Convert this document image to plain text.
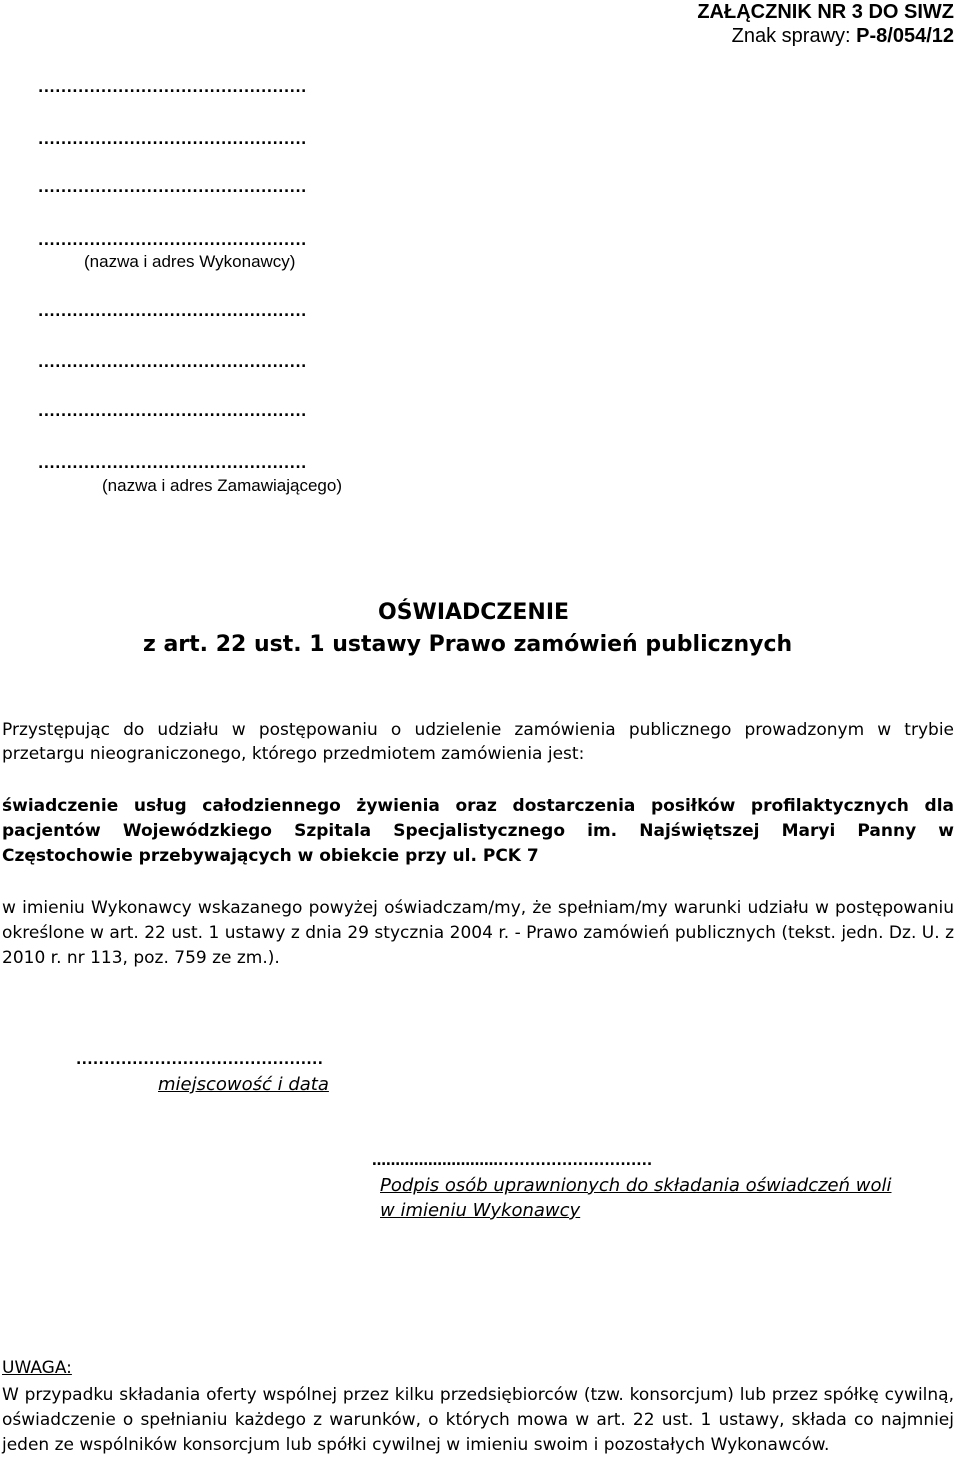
ZAŁĄCZNIK NR 3 DO SIWZ
Znak sprawy: P-8/054/12
...............................................
...............................................
...............................................
...............................................
(nazwa i adres Wykonawcy)
...............................................
...............................................
...............................................
...............................................
(nazwa i adres Zamawiającego)
OŚWIADCZENIE
z art. 22 ust. 1 ustawy Prawo zamówień publicznych
Przystępując do udziału w postępowaniu o udzielenie zamówienia publicznego prowadzonym w trybie przetargu nieograniczonego, którego przedmiotem zamówienia jest:
świadczenie usług całodziennego żywienia oraz dostarczenia posiłków profilaktycznych dla pacjentów Wojewódzkiego Szpitala Specjalistycznego im. Najświętszej Maryi Panny w Częstochowie przebywających w obiekcie przy ul. PCK 7
w imieniu Wykonawcy wskazanego powyżej oświadczam/my, że spełniam/my warunki udziału w postępowaniu określone w art. 22 ust. 1 ustawy z dnia 29 stycznia 2004 r. - Prawo zamówień publicznych (tekst. jedn. Dz. U. z 2010 r. nr 113, poz. 759 ze zm.).
............................................
miejscowość i data
……………………….............................
Podpis osób uprawnionych do składania oświadczeń woli
w imieniu Wykonawcy
UWAGA:
W przypadku składania oferty wspólnej przez kilku przedsiębiorców (tzw. konsorcjum) lub przez spółkę cywilną, oświadczenie o spełnianiu każdego z warunków, o których mowa w art. 22 ust. 1 ustawy, składa co najmniej jeden ze wspólników konsorcjum lub spółki cywilnej w imieniu swoim i pozostałych Wykonawców.
